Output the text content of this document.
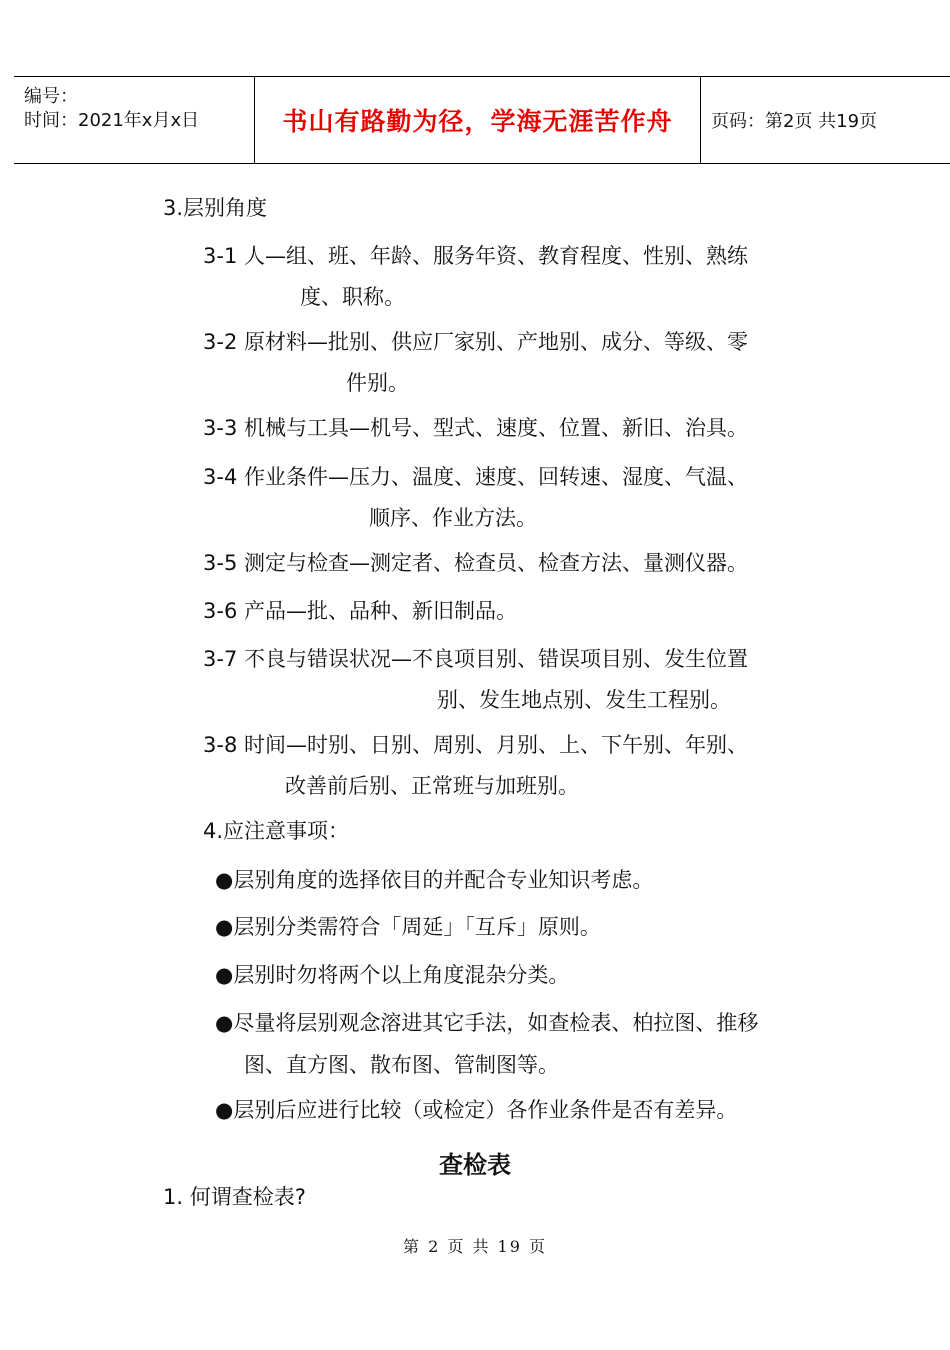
编号：
时间：2021年x月x日	书山有路勤为径，学海无涯苦作舟	页码：第2页 共19页
3.层别角度
3-1 人—组、班、年龄、服务年资、教育程度、性别、熟练
度、职称。
3-2 原材料—批别、供应厂家别、产地别、成分、等级、零
件别。
3-3 机械与工具—机号、型式、速度、位置、新旧、治具。
3-4 作业条件—压力、温度、速度、回转速、湿度、气温、
顺序、作业方法。
3-5 测定与检查—测定者、检查员、检查方法、量测仪器。
3-6 产品—批、品种、新旧制品。
3-7 不良与错误状况—不良项目别、错误项目别、发生位置
别、发生地点别、发生工程别。
3-8 时间—时别、日别、周别、月别、上、下午别、年别、
改善前后别、正常班与加班别。
4.应注意事项：
●层别角度的选择依目的并配合专业知识考虑。
●层别分类需符合「周延」「互斥」原则。
●层别时勿将两个以上角度混杂分类。
●尽量将层别观念溶进其它手法，如查检表、柏拉图、推移
图、直方图、散布图、管制图等。
●层别后应进行比较（或检定）各作业条件是否有差异。
查检表
1. 何谓查检表?
第 2 页 共 19 页
